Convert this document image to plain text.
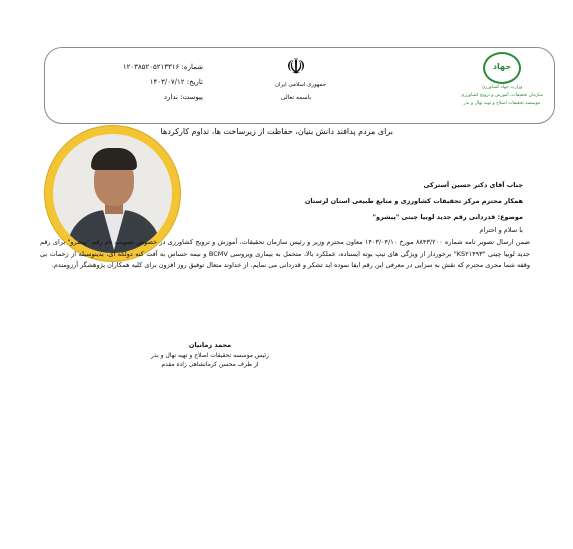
شماره: ۱۲۰۳۸۵۲۰۵۲۱۳۳۱۶
تاریخ: ۱۴۰۳/۰۷/۱۲
پیوست: ندارد
☫
جمهوری اسلامی ایران
باسمه تعالی
جهاد
وزارت جهاد کشاورزی
سازمان تحقیقات، آموزش و ترویج کشاورزی
موسسه تحقیقات اصلاح و تهیه نهال و بذر
برای مردم پدافند دانش بنیان، حفاظت از زیرساخت ها، تداوم کارکردها
جناب آقای دکتر حسین آسترکی
همکار محترم مرکز تحقیقات کشاورزی و منابع طبیعی استان لرستان
موضوع: قدردانی رقم جدید لوبیا چیتی "پیشرو"
با سلام و احترام
ضمن ارسال تصویر نامه شماره ۸۸۴۳/۲۰۰ مورخ ۱۴۰۳/۰۴/۱۰ معاون محترم وزیر و رئیس سازمان تحقیقات، آموزش و ترویج کشاورزی در خصوص تصویب نام رقم "پیشرو" برای رقم جدید لوبیا چیتی "KS۲۱۴۹۳" برخوردار از ویژگی های تیپ بوته ایستاده، عملکرد بالا، متحمل به بیماری ویروسی BCMV و نیمه حساس به آفت کنه دولکه ای، بدینوسیله از زحمات بی وقفه شما مجری محترم که نقش به سزایی در معرفی این رقم ایفا نموده اید تشکر و قدردانی می نمایم. از خداوند متعال توفیق روز افزون برای کلیه همکاران پژوهشگر آرزومندم.
محمد زمانیان
رئیس موسسه تحقیقات اصلاح و تهیه نهال و بذر
از طرف محسن کرمانشاهی زاده مقدم
